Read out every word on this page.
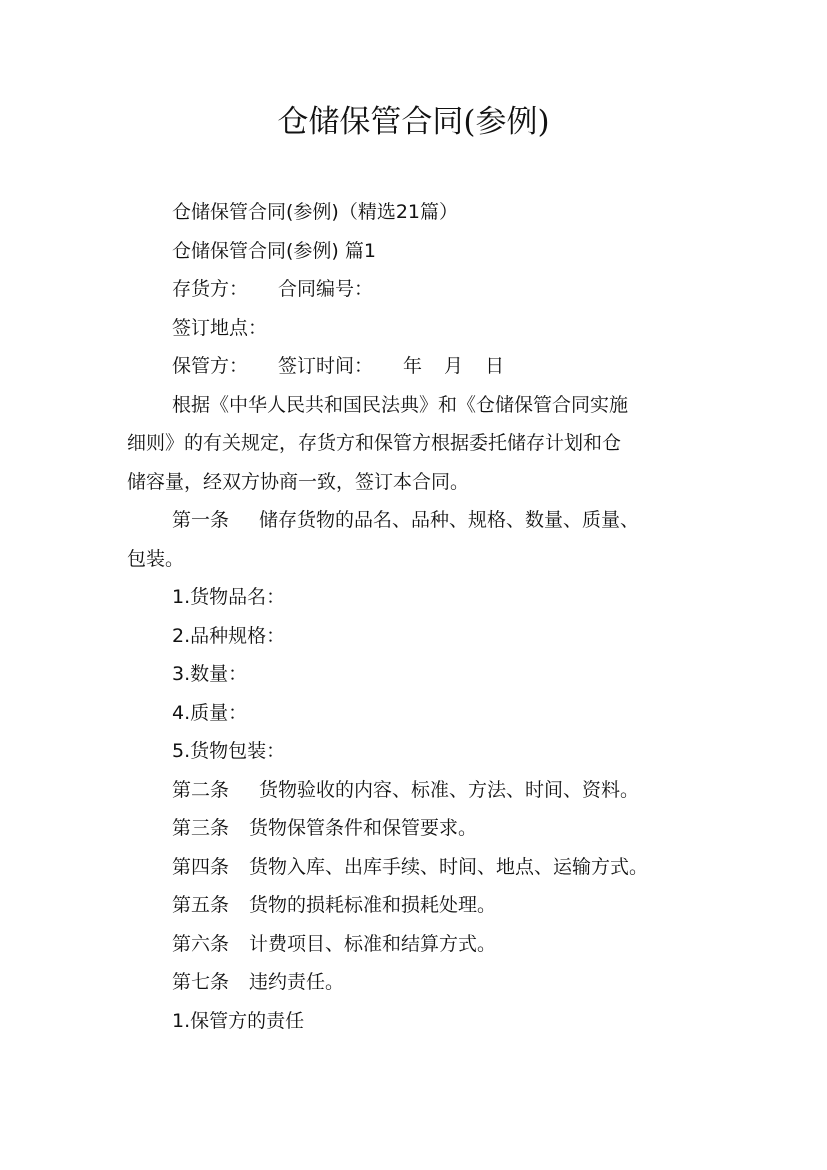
仓储保管合同(参例)
仓储保管合同(参例)（精选21篇）
仓储保管合同(参例) 篇1
存货方： 合同编号：
签订地点：
保管方： 签订时间： 年 月 日
根据《中华人民共和国民法典》和《仓储保管合同实施
细则》的有关规定，存货方和保管方根据委托储存计划和仓
储容量，经双方协商一致，签订本合同。
第一条 储存货物的品名、品种、规格、数量、质量、
包装。
1.货物品名：
2.品种规格：
3.数量：
4.质量：
5.货物包装：
第二条 货物验收的内容、标准、方法、时间、资料。
第三条 货物保管条件和保管要求。
第四条 货物入库、出库手续、时间、地点、运输方式。
第五条 货物的损耗标准和损耗处理。
第六条 计费项目、标准和结算方式。
第七条 违约责任。
1.保管方的责任
